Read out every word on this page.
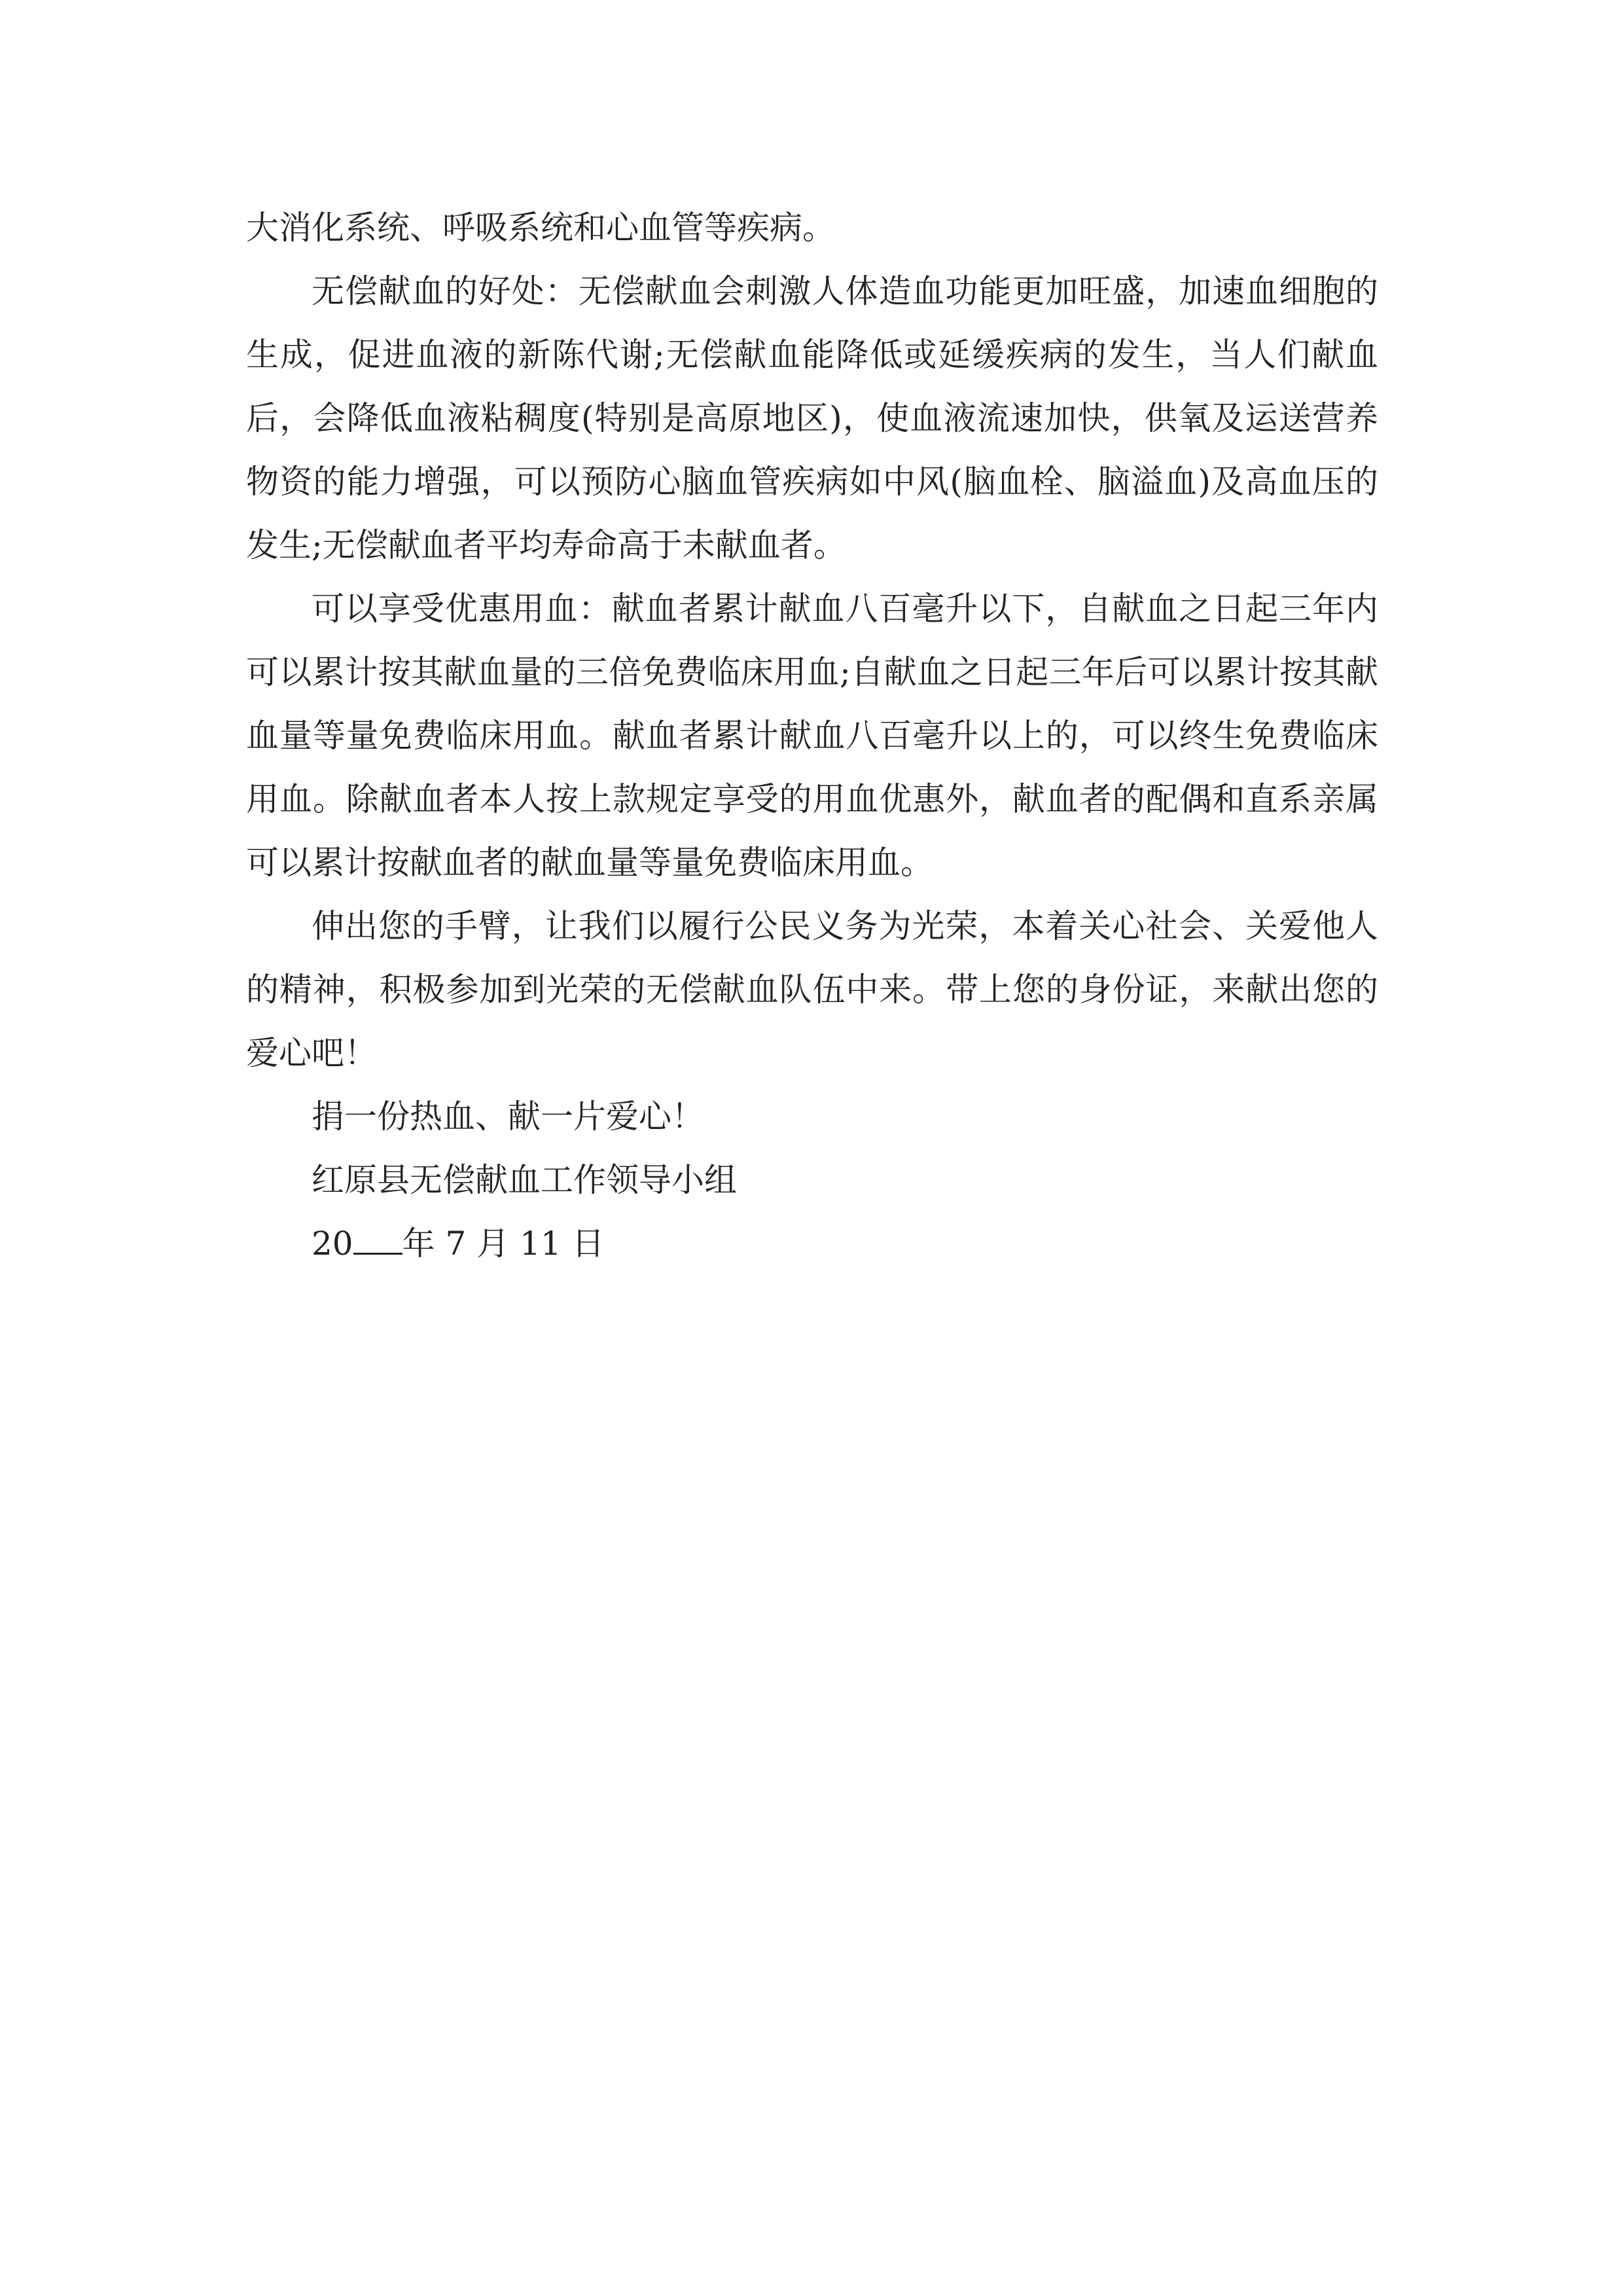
大消化系统、呼吸系统和心血管等疾病。

无偿献血的好处：无偿献血会刺激人体造血功能更加旺盛，加速血细胞的生成，促进血液的新陈代谢;无偿献血能降低或延缓疾病的发生，当人们献血后，会降低血液粘稠度(特别是高原地区)，使血液流速加快，供氧及运送营养物资的能力增强，可以预防心脑血管疾病如中风(脑血栓、脑溢血)及高血压的发生;无偿献血者平均寿命高于未献血者。

可以享受优惠用血：献血者累计献血八百毫升以下，自献血之日起三年内可以累计按其献血量的三倍免费临床用血;自献血之日起三年后可以累计按其献血量等量免费临床用血。献血者累计献血八百毫升以上的，可以终生免费临床用血。除献血者本人按上款规定享受的用血优惠外，献血者的配偶和直系亲属可以累计按献血者的献血量等量免费临床用血。

伸出您的手臂，让我们以履行公民义务为光荣，本着关心社会、关爱他人的精神，积极参加到光荣的无偿献血队伍中来。带上您的身份证，来献出您的爱心吧！

捐一份热血、献一片爱心！

红原县无偿献血工作领导小组

20 年 7 月 11 日
